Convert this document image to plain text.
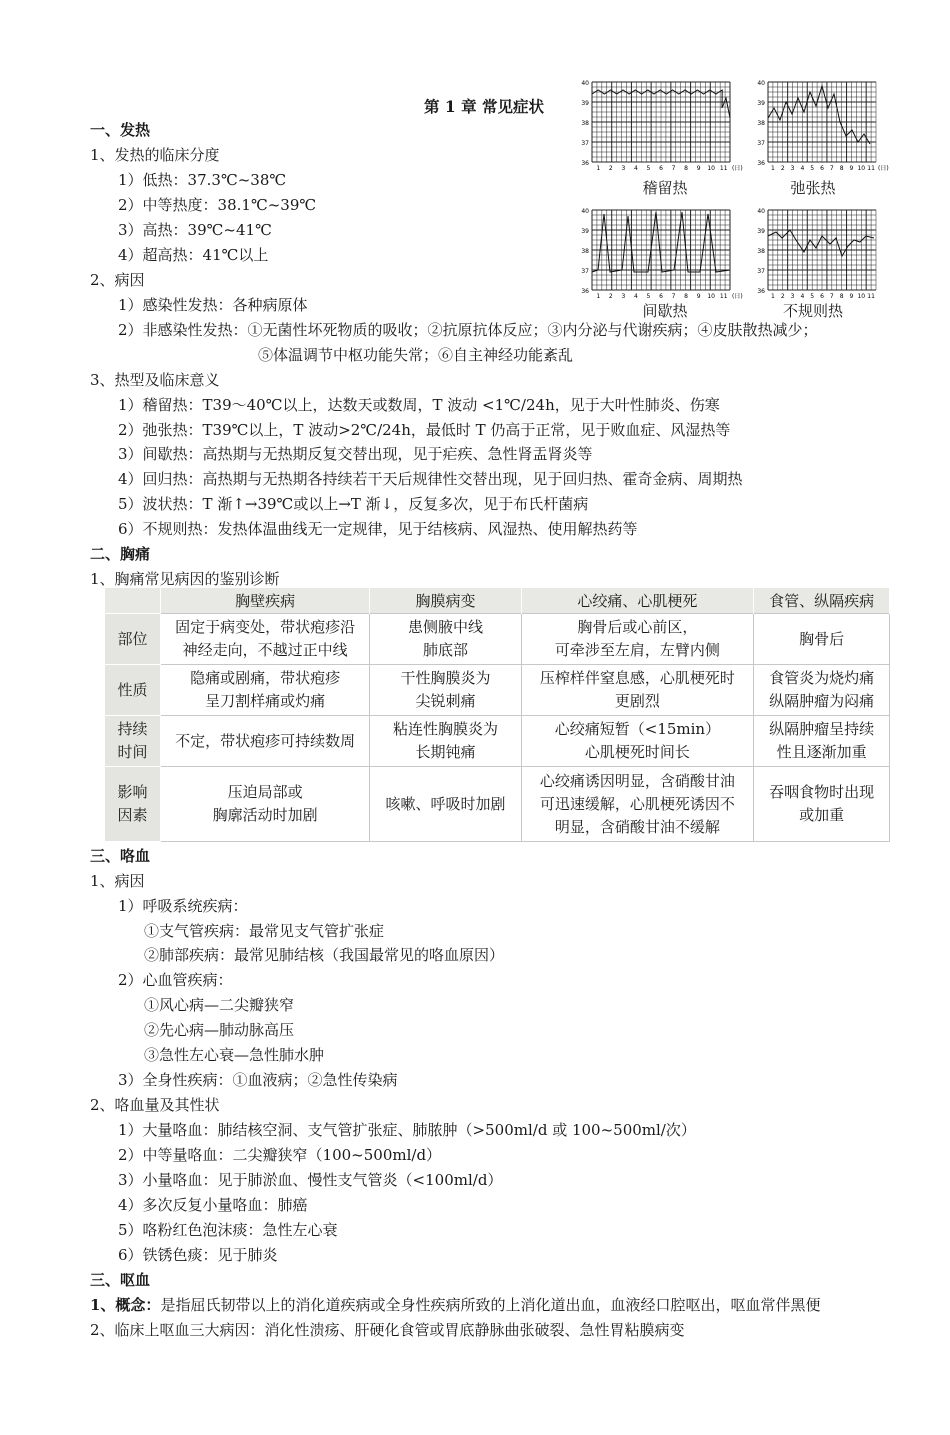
第 1 章 常见症状
一、发热
1、发热的临床分度
1）低热：37.3℃~38℃
2）中等热度：38.1℃~39℃
3）高热：39℃~41℃
4）超高热：41℃以上
2、病因
1）感染性发热：各种病原体
2）非感染性发热：①无菌性坏死物质的吸收；②抗原抗体反应；③内分泌与代谢疾病；④皮肤散热减少；
⑤体温调节中枢功能失常；⑥自主神经功能紊乱
3、热型及临床意义
1）稽留热：T39～40℃以上，达数天或数周，T 波动 <1℃/24h，见于大叶性肺炎、伤寒
2）弛张热：T39℃以上，T 波动>2℃/24h，最低时 T 仍高于正常，见于败血症、风湿热等
3）间歇热：高热期与无热期反复交替出现，见于疟疾、急性肾盂肾炎等
4）回归热：高热期与无热期各持续若干天后规律性交替出现，见于回归热、霍奇金病、周期热
5）波状热：T 渐↑→39℃或以上→T 渐↓，反复多次，见于布氏杆菌病
6）不规则热：发热体温曲线无一定规律，见于结核病、风湿热、使用解热药等
40
39
38
37
36
1 2 3 4 5 6 7 8 9 10 11 (日)
40
39
38
37
36
1 2 3 4 5 6 7 8 9 10 11 (日)
40
39
38
37
36
1 2 3 4 5 6 7 8 9 10 11 (日)
40
39
38
37
36
1 2 3 4 5 6 7 8 9 10 11
稽留热	弛张热
间歇热	不规则热
二、胸痛
1、胸痛常见病因的鉴别诊断
	胸壁疾病	胸膜病变	心绞痛、心肌梗死	食管、纵隔疾病
部位	固定于病变处，带状疱疹沿
神经走向，不越过正中线	患侧腋中线
肺底部	胸骨后或心前区，
可牵涉至左肩，左臂内侧	胸骨后
性质	隐痛或剧痛，带状疱疹
呈刀割样痛或灼痛	干性胸膜炎为
尖锐刺痛	压榨样伴窒息感，心肌梗死时
更剧烈	食管炎为烧灼痛
纵隔肿瘤为闷痛
持续
时间	不定，带状疱疹可持续数周	粘连性胸膜炎为
长期钝痛	心绞痛短暂（<15min）
心肌梗死时间长	纵隔肿瘤呈持续
性且逐渐加重
影响
因素	压迫局部或
胸廓活动时加剧	咳嗽、呼吸时加剧	心绞痛诱因明显，含硝酸甘油
可迅速缓解，心肌梗死诱因不
明显，含硝酸甘油不缓解	吞咽食物时出现
或加重
三、咯血
1、病因
1）呼吸系统疾病：
①支气管疾病：最常见支气管扩张症
②肺部疾病：最常见肺结核（我国最常见的咯血原因）
2）心血管疾病：
①风心病—二尖瓣狭窄
②先心病—肺动脉高压
③急性左心衰—急性肺水肿
3）全身性疾病：①血液病；②急性传染病
2、咯血量及其性状
1）大量咯血：肺结核空洞、支气管扩张症、肺脓肿（>500ml/d 或 100~500ml/次）
2）中等量咯血：二尖瓣狭窄（100~500ml/d）
3）小量咯血：见于肺淤血、慢性支气管炎（<100ml/d）
4）多次反复小量咯血：肺癌
5）咯粉红色泡沫痰：急性左心衰
6）铁锈色痰：见于肺炎
三、呕血
1、概念：是指屈氏韧带以上的消化道疾病或全身性疾病所致的上消化道出血，血液经口腔呕出，呕血常伴黑便
2、临床上呕血三大病因：消化性溃疡、肝硬化食管或胃底静脉曲张破裂、急性胃粘膜病变
